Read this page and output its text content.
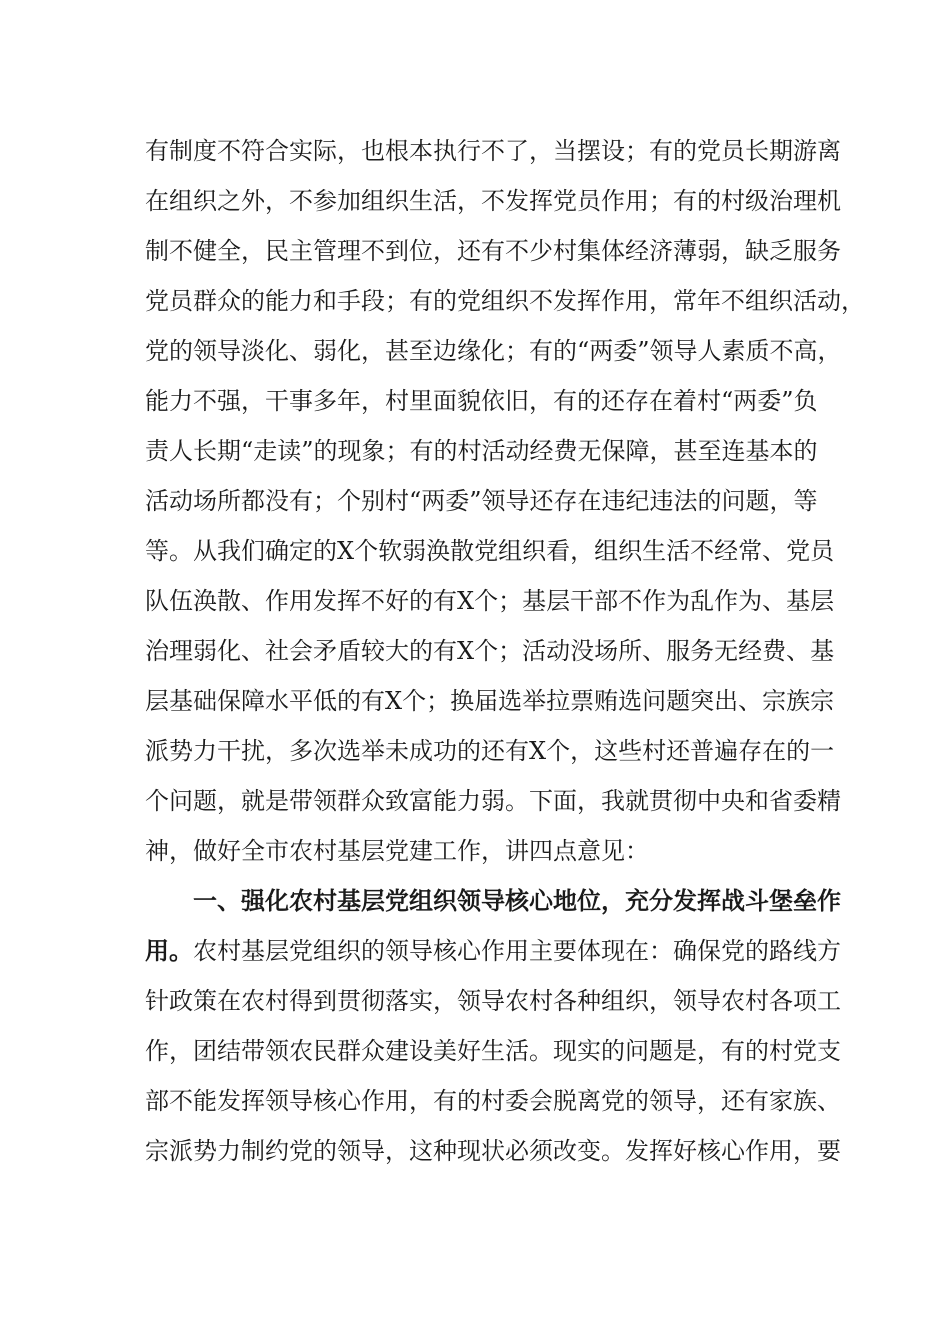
有制度不符合实际，也根本执行不了，当摆设；有的党员长期游离
在组织之外，不参加组织生活，不发挥党员作用；有的村级治理机
制不健全，民主管理不到位，还有不少村集体经济薄弱，缺乏服务
党员群众的能力和手段；有的党组织不发挥作用，常年不组织活动，
党的领导淡化、弱化，甚至边缘化；有的“两委”领导人素质不高，
能力不强，干事多年，村里面貌依旧，有的还存在着村“两委”负
责人长期“走读”的现象；有的村活动经费无保障，甚至连基本的
活动场所都没有；个别村“两委”领导还存在违纪违法的问题，等
等。从我们确定的X个软弱涣散党组织看，组织生活不经常、党员
队伍涣散、作用发挥不好的有X个；基层干部不作为乱作为、基层
治理弱化、社会矛盾较大的有X个；活动没场所、服务无经费、基
层基础保障水平低的有X个；换届选举拉票贿选问题突出、宗族宗
派势力干扰，多次选举未成功的还有X个，这些村还普遍存在的一
个问题，就是带领群众致富能力弱。下面，我就贯彻中央和省委精
神，做好全市农村基层党建工作，讲四点意见：
一、强化农村基层党组织领导核心地位，充分发挥战斗堡垒作
用。农村基层党组织的领导核心作用主要体现在：确保党的路线方
针政策在农村得到贯彻落实，领导农村各种组织，领导农村各项工
作，团结带领农民群众建设美好生活。现实的问题是，有的村党支
部不能发挥领导核心作用，有的村委会脱离党的领导，还有家族、
宗派势力制约党的领导，这种现状必须改变。发挥好核心作用，要
